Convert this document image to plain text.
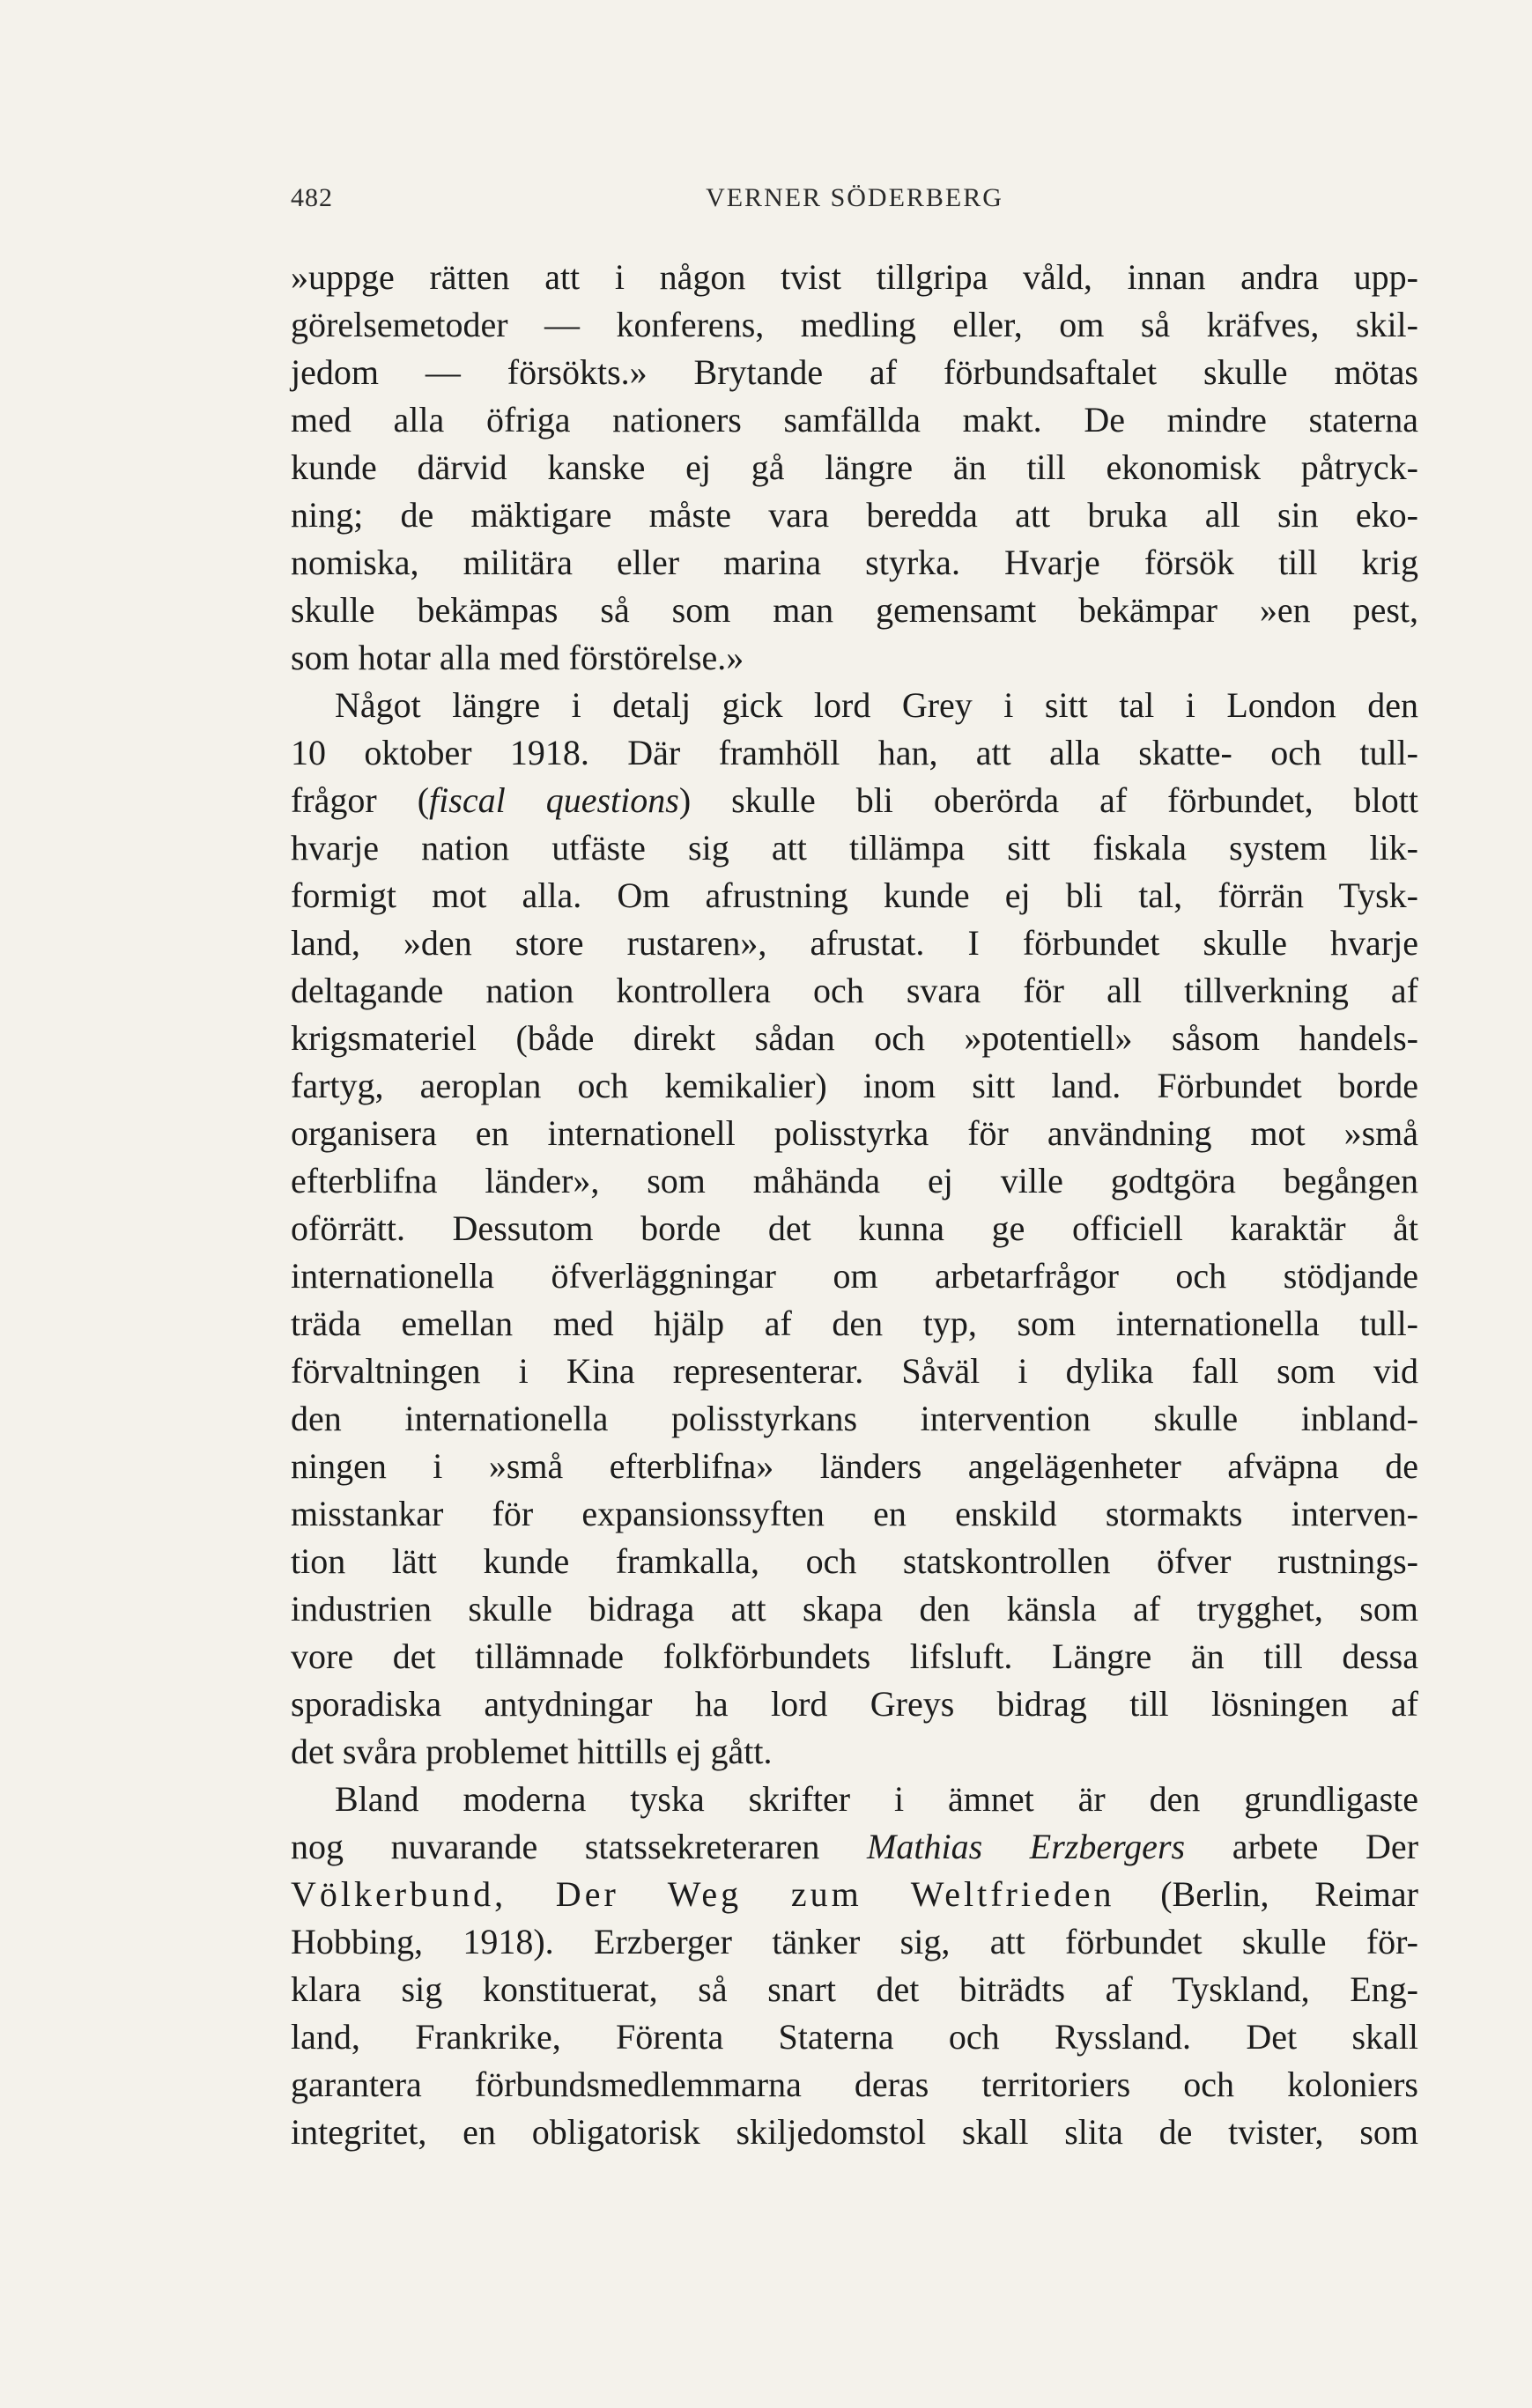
482	VERNER SÖDERBERG
»uppge rätten att i någon tvist tillgripa våld, innan andra upp-
görelsemetoder — konferens, medling eller, om så kräfves, skil-
jedom — försökts.» Brytande af förbundsaftalet skulle mötas
med alla öfriga nationers samfällda makt. De mindre staterna
kunde därvid kanske ej gå längre än till ekonomisk påtryck-
ning; de mäktigare måste vara beredda att bruka all sin eko-
nomiska, militära eller marina styrka. Hvarje försök till krig
skulle bekämpas så som man gemensamt bekämpar »en pest,
som hotar alla med förstörelse.»
Något längre i detalj gick lord Grey i sitt tal i London den
10 oktober 1918. Där framhöll han, att alla skatte- och tull-
frågor (fiscal questions) skulle bli oberörda af förbundet, blott
hvarje nation utfäste sig att tillämpa sitt fiskala system lik-
formigt mot alla. Om afrustning kunde ej bli tal, förrän Tysk-
land, »den store rustaren», afrustat. I förbundet skulle hvarje
deltagande nation kontrollera och svara för all tillverkning af
krigsmateriel (både direkt sådan och »potentiell» såsom handels-
fartyg, aeroplan och kemikalier) inom sitt land. Förbundet borde
organisera en internationell polisstyrka för användning mot »små
efterblifna länder», som måhända ej ville godtgöra begången
oförrätt. Dessutom borde det kunna ge officiell karaktär åt
internationella öfverläggningar om arbetarfrågor och stödjande
träda emellan med hjälp af den typ, som internationella tull-
förvaltningen i Kina representerar. Såväl i dylika fall som vid
den internationella polisstyrkans intervention skulle inbland-
ningen i »små efterblifna» länders angelägenheter afväpna de
misstankar för expansionssyften en enskild stormakts interven-
tion lätt kunde framkalla, och statskontrollen öfver rustnings-
industrien skulle bidraga att skapa den känsla af trygghet, som
vore det tillämnade folkförbundets lifsluft. Längre än till dessa
sporadiska antydningar ha lord Greys bidrag till lösningen af
det svåra problemet hittills ej gått.
Bland moderna tyska skrifter i ämnet är den grundligaste
nog nuvarande statssekreteraren Mathias Erzbergers arbete Der
Völkerbund, Der Weg zum Weltfrieden (Berlin, Reimar
Hobbing, 1918). Erzberger tänker sig, att förbundet skulle för-
klara sig konstituerat, så snart det biträdts af Tyskland, Eng-
land, Frankrike, Förenta Staterna och Ryssland. Det skall
garantera förbundsmedlemmarna deras territoriers och koloniers
integritet, en obligatorisk skiljedomstol skall slita de tvister, som
